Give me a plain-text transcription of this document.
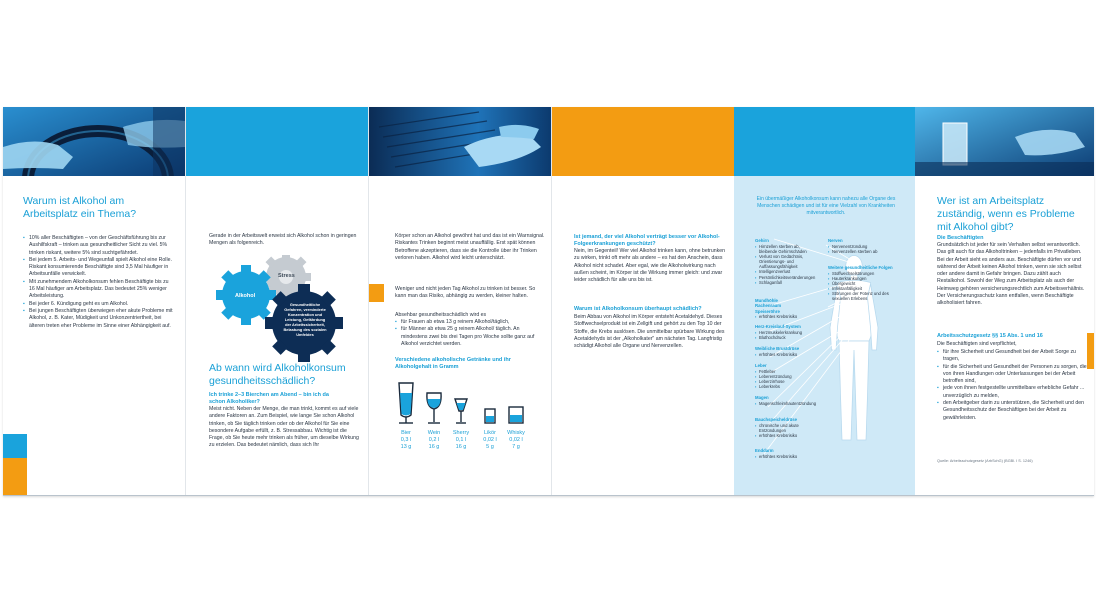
Warum ist Alkohol am Arbeitsplatz ein Thema?
▪ 10% aller Beschäftigten – von der Geschäftsführung bis zur Aushilfskraft – trinken aus gesundheitlicher Sicht zu viel. 5% trinken riskant, weitere 5% sind suchtgefährdet.
▪ Bei jedem 5. Arbeits- und Wegeunfall spielt Alkohol eine Rolle. Riskant konsumierende Beschäftigte sind 3,5 Mal häufiger in Arbeitsunfälle verwickelt.
▪ Mit zunehmendem Alkoholkonsum fehlen Beschäftigte bis zu 16 Mal häufiger am Arbeitsplatz. Das bedeutet 25% weniger Arbeitsleistung.
▪ Bei jeder 6. Kündigung geht es um Alkohol.
▪ Bei jungen Beschäftigten überwiegen eher akute Probleme mit Alkohol, z. B. Kater, Müdigkeit und Unkonzentriertheit, bei älteren treten eher Probleme im Sinne einer Abhängigkeit auf.
Gerade in der Arbeitswelt erweist sich Alkohol schon in geringen Mengen als folgenreich.
Stress
Alkohol
Gesundheitliche Gefahren, verminderte Konzentration und Leistung, Gefährdung der Arbeitssicherheit, Belastung des sozialen Umfeldes
Ab wann wird Alkoholkonsum gesundheitsschädlich?
Ich trinke 2–3 Bierchen am Abend – bin ich da schon Alkoholiker?
Meist nicht. Neben der Menge, die man trinkt, kommt es auf viele andere Faktoren an. Zum Beispiel, wie lange Sie schon Alkohol trinken, ob Sie täglich trinken oder ob der Alkohol für Sie eine besondere Aufgabe erfüllt, z. B. Stressabbau. Wichtig ist die Frage, ob Sie heute mehr trinken als früher, um dieselbe Wirkung zu erzielen. Das bedeutet nämlich, dass sich Ihr
Körper schon an Alkohol gewöhnt hat und das ist ein Warnsignal. Riskantes Trinken beginnt meist unauffällig. Erst spät können Betroffene akzeptieren, dass sie die Kontrolle über ihr Trinken verloren haben. Alkohol wird leicht unterschätzt.
Weniger und nicht jeden Tag Alkohol zu trinken ist besser. So kann man das Risiko, abhängig zu werden, kleiner halten.
Absehbar gesundheitsschädlich wird es
▪ für Frauen ab etwa 13 g reinem Alkohol/täglich,
▪ für Männer ab etwa 25 g reinem Alkohol/ täglich. An mindestens zwei bis drei Tagen pro Woche sollte ganz auf Alkohol verzichtet werden.
Verschiedene alkoholische Getränke und ihr Alkoholgehalt in Gramm
Bier
0,3 l
13 g
Wein
0,2 l
16 g
Sherry
0,1 l
16 g
Likör
0,02 l
5 g
Whisky
0,02 l
7 g
Ist jemand, der viel Alkohol verträgt besser vor Alkohol-Folgeerkrankungen geschützt?
Nein, im Gegenteil! Wer viel Alkohol trinken kann, ohne betrunken zu wirken, trinkt oft mehr als andere – es hat den Anschein, dass Alkohol nicht schadet. Aber egal, wie die Alkoholwirkung nach außen scheint, im Körper ist die Wirkung immer gleich: und zwar leider schädlich für alle uns bis ist.
Warum ist Alkoholkonsum überhaupt schädlich?
Beim Abbau von Alkohol im Körper entsteht Acetaldehyd. Dieses Stoffwechselprodukt ist ein Zellgift und gehört zu den Top 10 der Stoffe, die Krebs auslösen. Die unmittelbar spürbare Wirkung des Acetaldehyds ist der „Alkoholkater" am nächsten Tag. Langfristig schädigt Alkohol alle Organe und Nervenzellen.
Ein übermäßiger Alkoholkonsum kann nahezu alle Organe des Menschen schädigen und ist für eine Vielzahl von Krankheiten mitverantwortlich.
Gehirn
▪ Hirnzellen sterben ab, bleibende Gehirnschäden
▪ Verlust von Gedächtnis, Orientierungs- und Auffassungsfähigkeit
▪ Intelligenzverlust
▪ Persönlichkeitsveränderungen
▪ Schlaganfall
Mundhöhle Rachenraum Speiseröhre
▪ erhöhtes Krebsrisiko
Herz-Kreislauf-System
▪ Herzmuskelerkrankung
▪ Bluthochdruck
Weibliche Brustdrüse
▪ erhöhtes Krebsrisiko
Leber
▪ Fettleber
▪ Leberentzündung
▪ Leberzirrhose
▪ Leberkrebs
Magen
▪ Magenschleimhautentzündung
Bauchspeicheldrüse
▪ chronische und akute Entzündungen
▪ erhöhtes Krebsrisiko
Enddarm
▪ erhöhtes Krebsrisiko
Nerven
▪ Nervenentzündung
▪ Nervenzellen sterben ab
Weitere gesundheitliche Folgen
▪ Stoffwechselstörungen
▪ Hauterkrankungen
▪ Übergewicht
▪ Infektanfälligkeit
▪ Störungen der Potenz und des sexuellen Erlebens
Wer ist am Arbeitsplatz zuständig, wenn es Probleme mit Alkohol gibt?
Die Beschäftigten
Grundsätzlich ist jeder für sein Verhalten selbst verantwortlich. Das gilt auch für das Alkoholtrinken – jedenfalls im Privatleben. Bei der Arbeit sieht es anders aus. Beschäftigte dürfen vor und während der Arbeit keinen Alkohol trinken, wenn sie sich selbst oder andere damit in Gefahr bringen. Dazu zählt auch Restalkohol. Sowohl der Weg zum Arbeitsplatz als auch der Heimweg gehören versicherungsrechtlich zum Arbeitsverhältnis. Der Versicherungsschutz kann entfallen, wenn Beschäftigte alkoholisiert fahren.
Arbeitsschutzgesetz §§ 15 Abs. 1 und 16
Die Beschäftigten sind verpflichtet,
▪ für ihre Sicherheit und Gesundheit bei der Arbeit Sorge zu tragen,
▪ für die Sicherheit und Gesundheit der Personen zu sorgen, die von ihren Handlungen oder Unterlassungen bei der Arbeit betroffen sind,
▪ jede von ihnen festgestellte unmittelbare erhebliche Gefahr ... unverzüglich zu melden,
▪ den Arbeitgeber darin zu unterstützen, die Sicherheit und den Gesundheitsschutz der Beschäftigen bei der Arbeit zu gewährleisten.
Quelle: Arbeitsschutzgesetz (ArbSchG) (BGBl. I S. 1246)
